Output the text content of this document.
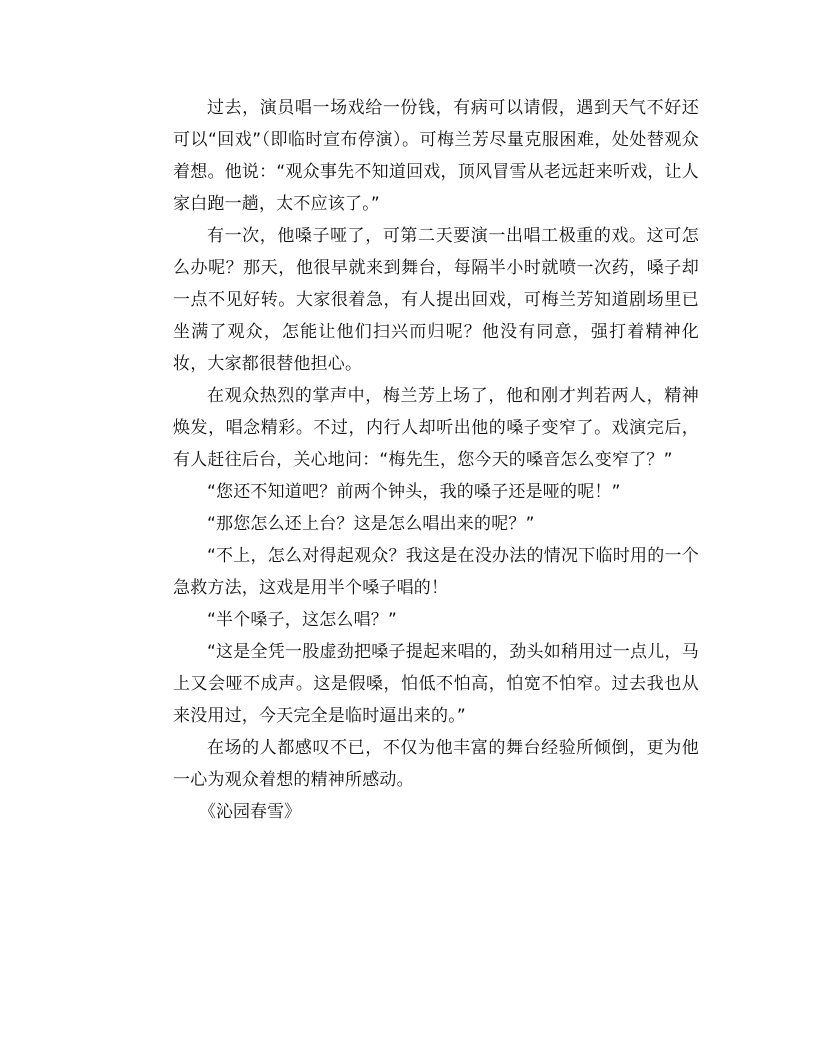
过去，演员唱一场戏给一份钱，有病可以请假，遇到天气不好还可以“回戏”（即临时宣布停演）。可梅兰芳尽量克服困难，处处替观众着想。他说：“观众事先不知道回戏，顶风冒雪从老远赶来听戏，让人家白跑一趟，太不应该了。”

有一次，他嗓子哑了，可第二天要演一出唱工极重的戏。这可怎么办呢？那天，他很早就来到舞台，每隔半小时就喷一次药，嗓子却一点不见好转。大家很着急，有人提出回戏，可梅兰芳知道剧场里已坐满了观众，怎能让他们扫兴而归呢？他没有同意，强打着精神化妆，大家都很替他担心。

在观众热烈的掌声中，梅兰芳上场了，他和刚才判若两人，精神焕发，唱念精彩。不过，内行人却听出他的嗓子变窄了。戏演完后，有人赶往后台，关心地问：“梅先生，您今天的嗓音怎么变窄了？”

“您还不知道吧？前两个钟头，我的嗓子还是哑的呢！”

“那您怎么还上台？这是怎么唱出来的呢？”

“不上，怎么对得起观众？我这是在没办法的情况下临时用的一个急救方法，这戏是用半个嗓子唱的！

“半个嗓子，这怎么唱？”

“这是全凭一股虚劲把嗓子提起来唱的，劲头如稍用过一点儿，马上又会哑不成声。这是假嗓，怕低不怕高，怕宽不怕窄。过去我也从来没用过，今天完全是临时逼出来的。”

在场的人都感叹不已，不仅为他丰富的舞台经验所倾倒，更为他一心为观众着想的精神所感动。

《沁园春雪》
